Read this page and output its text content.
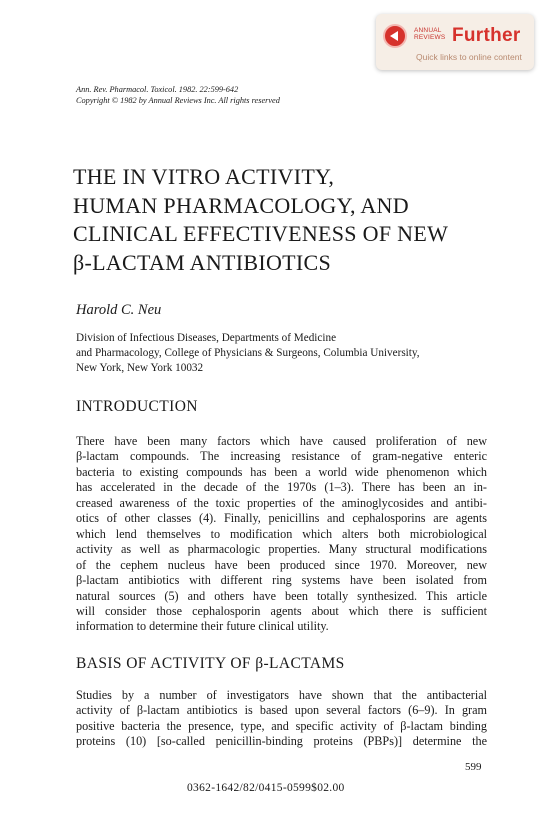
ANNUAL
REVIEWS Further
Quick links to online content
Ann. Rev. Pharmacol. Toxicol. 1982. 22:599-642
Copyright © 1982 by Annual Reviews Inc. All rights reserved
THE IN VITRO ACTIVITY,
HUMAN PHARMACOLOGY, AND
CLINICAL EFFECTIVENESS OF NEW
β-LACTAM ANTIBIOTICS
Harold C. Neu
Division of Infectious Diseases, Departments of Medicine
and Pharmacology, College of Physicians & Surgeons, Columbia University,
New York, New York 10032
INTRODUCTION
There have been many factors which have caused proliferation of new
β-lactam compounds. The increasing resistance of gram-negative enteric
bacteria to existing compounds has been a world wide phenomenon which
has accelerated in the decade of the 1970s (1–3). There has been an in-
creased awareness of the toxic properties of the aminoglycosides and antibi-
otics of other classes (4). Finally, penicillins and cephalosporins are agents
which lend themselves to modification which alters both microbiological
activity as well as pharmacologic properties. Many structural modifications
of the cephem nucleus have been produced since 1970. Moreover, new
β-lactam antibiotics with different ring systems have been isolated from
natural sources (5) and others have been totally synthesized. This article
will consider those cephalosporin agents about which there is sufficient
information to determine their future clinical utility.
BASIS OF ACTIVITY OF β-LACTAMS
Studies by a number of investigators have shown that the antibacterial
activity of β-lactam antibiotics is based upon several factors (6–9). In gram
positive bacteria the presence, type, and specific activity of β-lactam binding
proteins (10) [so-called penicillin-binding proteins (PBPs)] determine the
599
0362-1642/82/0415-0599$02.00
